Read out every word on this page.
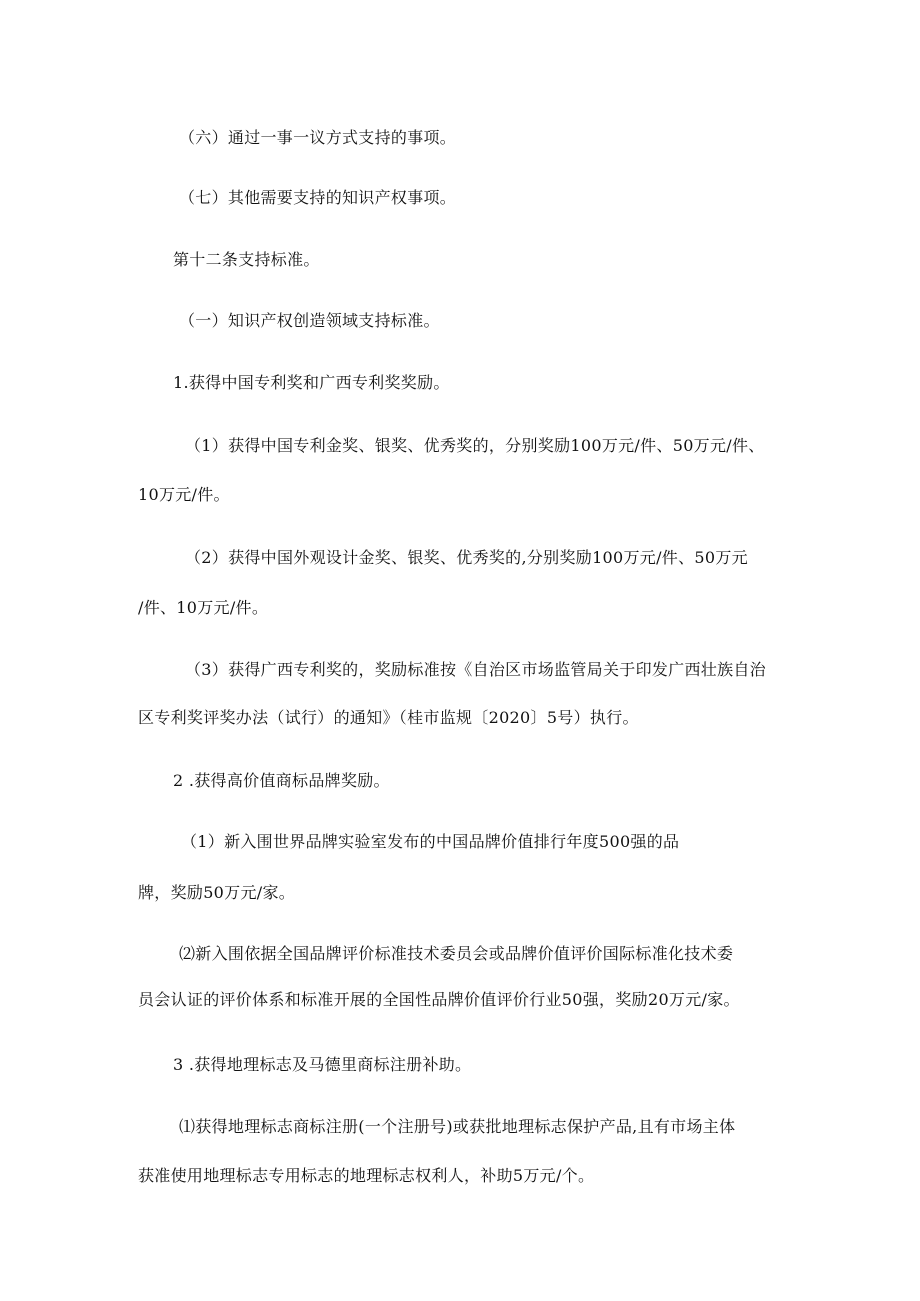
（六）通过一事一议方式支持的事项。
（七）其他需要支持的知识产权事项。
第十二条支持标准。
（一）知识产权创造领域支持标准。
1.获得中国专利奖和广西专利奖奖励。
（1）获得中国专利金奖、银奖、优秀奖的，分别奖励100万元/件、50万元/件、
10万元/件。
（2）获得中国外观设计金奖、银奖、优秀奖的,分别奖励100万元/件、50万元
/件、10万元/件。
（3）获得广西专利奖的，奖励标准按《自治区市场监管局关于印发广西壮族自治
区专利奖评奖办法（试行）的通知》（桂市监规〔2020〕5号）执行。
2 .获得高价值商标品牌奖励。
（1）新入围世界品牌实验室发布的中国品牌价值排行年度500强的品
牌，奖励50万元/家。
⑵新入围依据全国品牌评价标准技术委员会或品牌价值评价国际标准化技术委
员会认证的评价体系和标准开展的全国性品牌价值评价行业50强，奖励20万元/家。
3 .获得地理标志及马德里商标注册补助。
⑴获得地理标志商标注册(一个注册号)或获批地理标志保护产品,且有市场主体
获准使用地理标志专用标志的地理标志权利人，补助5万元/个。
